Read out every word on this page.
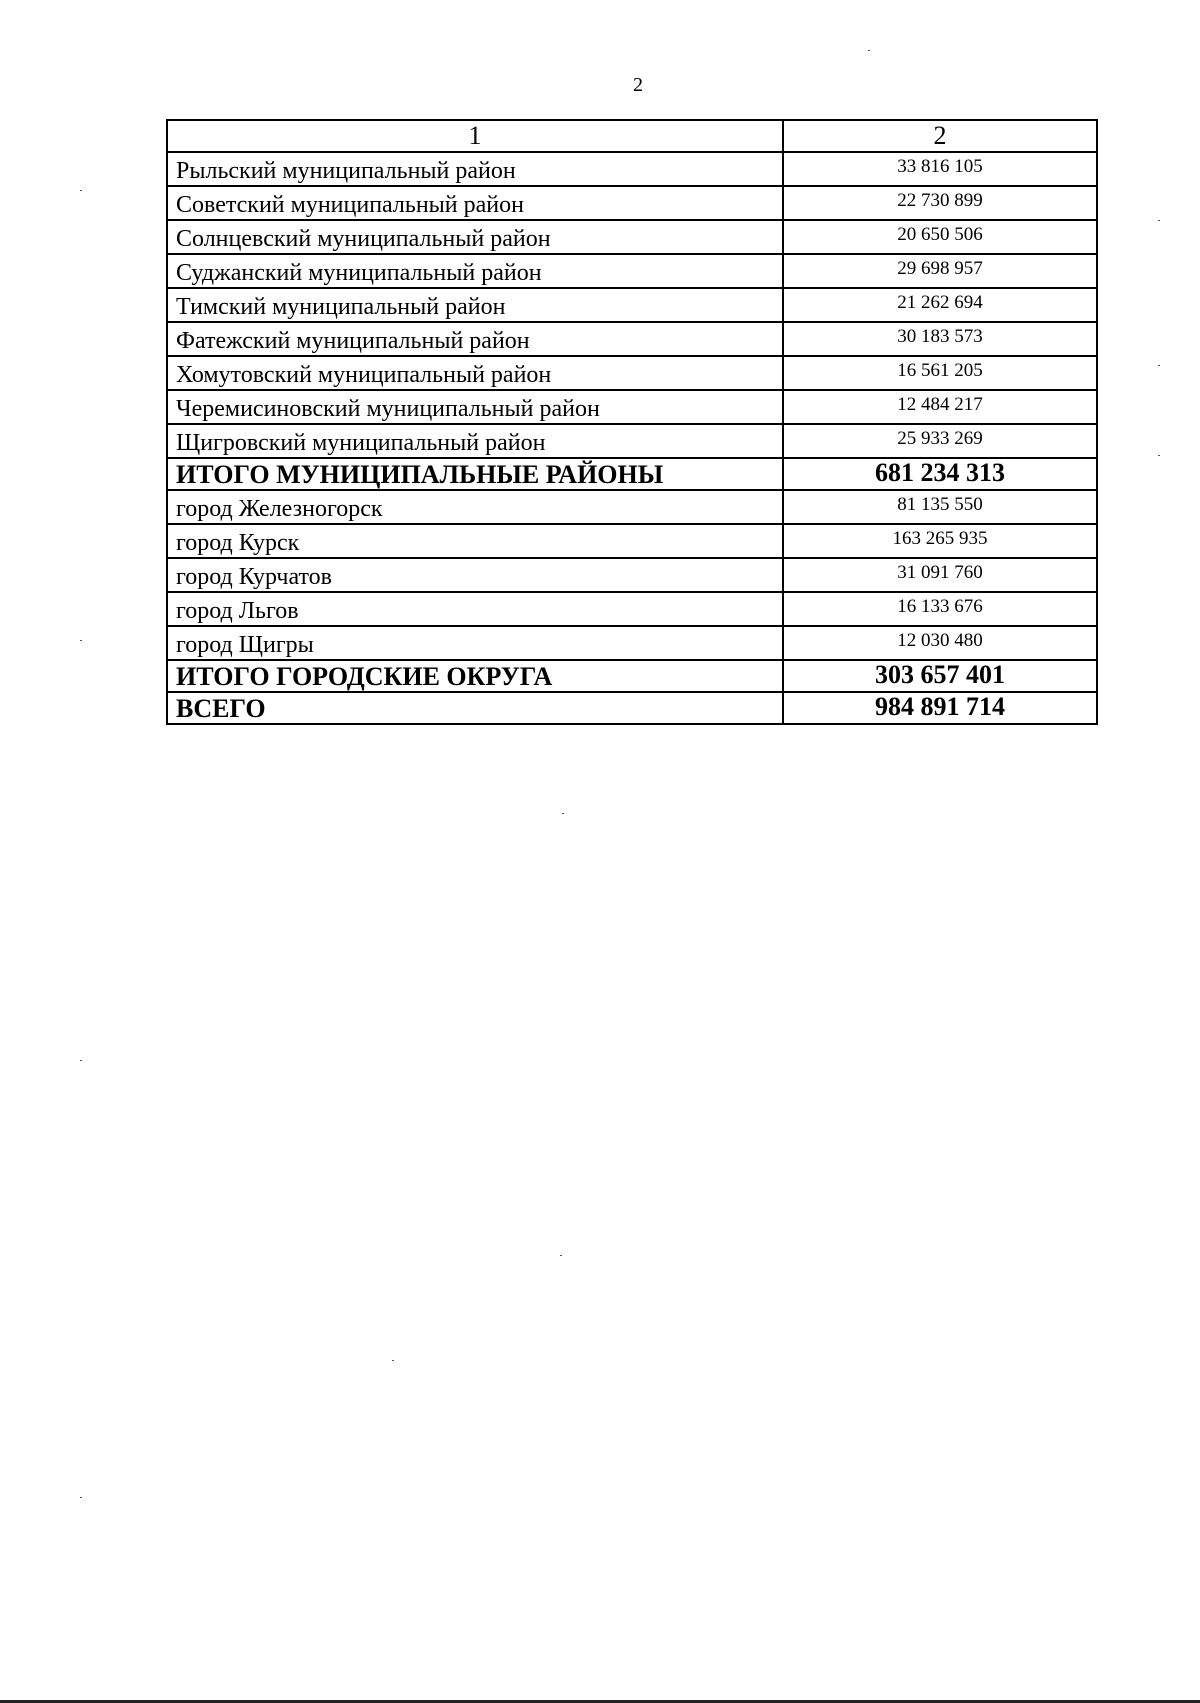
2
1	2
Рыльский муниципальный район	33 816 105
Советский муниципальный район	22 730 899
Солнцевский муниципальный район	20 650 506
Суджанский муниципальный район	29 698 957
Тимский муниципальный район	21 262 694
Фатежский муниципальный район	30 183 573
Хомутовский муниципальный район	16 561 205
Черемисиновский муниципальный район	12 484 217
Щигровский муниципальный район	25 933 269
ИТОГО МУНИЦИПАЛЬНЫЕ РАЙОНЫ	681 234 313
город Железногорск	81 135 550
город Курск	163 265 935
город Курчатов	31 091 760
город Льгов	16 133 676
город Щигры	12 030 480
ИТОГО ГОРОДСКИЕ ОКРУГА	303 657 401
ВСЕГО	984 891 714
